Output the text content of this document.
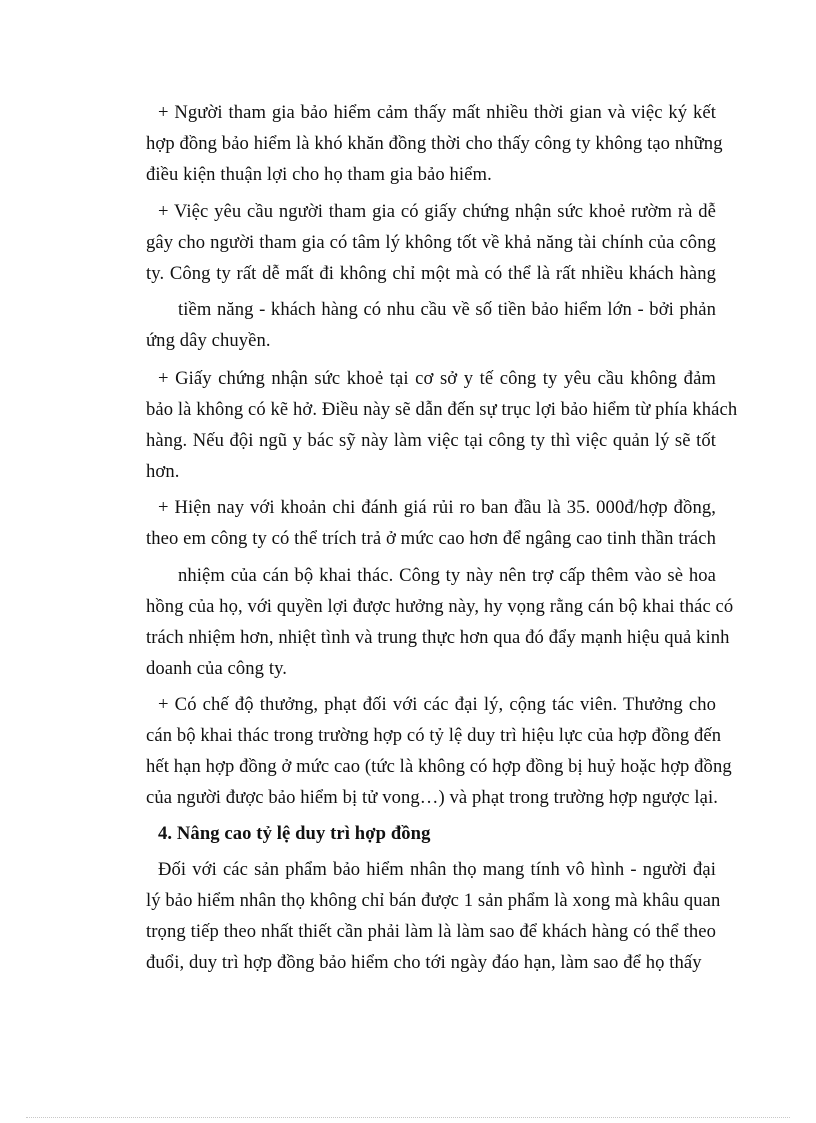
+ Người tham gia bảo hiểm cảm thấy mất nhiều thời gian và việc ký kết
hợp đồng bảo hiểm là khó khăn đồng thời cho thấy công ty không tạo những
điều kiện thuận lợi cho họ tham gia bảo hiểm.
+ Việc yêu cầu người tham gia có giấy chứng nhận sức khoẻ rườm rà dễ
gây cho người tham gia có tâm lý không tốt về khả năng tài chính của công
ty. Công ty rất dễ mất đi không chỉ một mà có thể là rất nhiều khách hàng
tiềm năng - khách hàng có nhu cầu về số tiền bảo hiểm lớn - bởi phản
ứng dây chuyền.
+ Giấy chứng nhận sức khoẻ tại cơ sở y tế công ty yêu cầu không đảm
bảo là không có kẽ hở. Điều này sẽ dẫn đến sự trục lợi bảo hiểm từ phía khách
hàng. Nếu đội ngũ y bác sỹ này làm việc tại công ty thì việc quản lý sẽ tốt
hơn.
+ Hiện nay với khoản chi đánh giá rủi ro ban đầu là 35. 000đ/hợp đồng,
theo em công ty có thể trích trả ở mức cao hơn để ngâng cao tinh thần trách
nhiệm của cán bộ khai thác. Công ty này nên trợ cấp thêm vào sè hoa
hồng của họ, với quyền lợi được hưởng này, hy vọng rằng cán bộ khai thác có
trách nhiệm hơn, nhiệt tình và trung thực hơn qua đó đẩy mạnh hiệu quả kinh
doanh của công ty.
+ Có chế độ thưởng, phạt đối với các đại lý, cộng tác viên. Thưởng cho
cán bộ khai thác trong trường hợp có tỷ lệ duy trì hiệu lực của hợp đồng đến
hết hạn hợp đồng ở mức cao (tức là không có hợp đồng bị huỷ hoặc hợp đồng
của người được bảo hiểm bị tử vong…) và phạt trong trường hợp ngược lại.
4. Nâng cao tỷ lệ duy trì hợp đồng
Đối với các sản phẩm bảo hiểm nhân thọ mang tính vô hình - người đại
lý bảo hiểm nhân thọ không chỉ bán được 1 sản phẩm là xong mà khâu quan
trọng tiếp theo nhất thiết cần phải làm là làm sao để khách hàng có thể theo
đuổi, duy trì hợp đồng bảo hiểm cho tới ngày đáo hạn, làm sao để họ thấy
